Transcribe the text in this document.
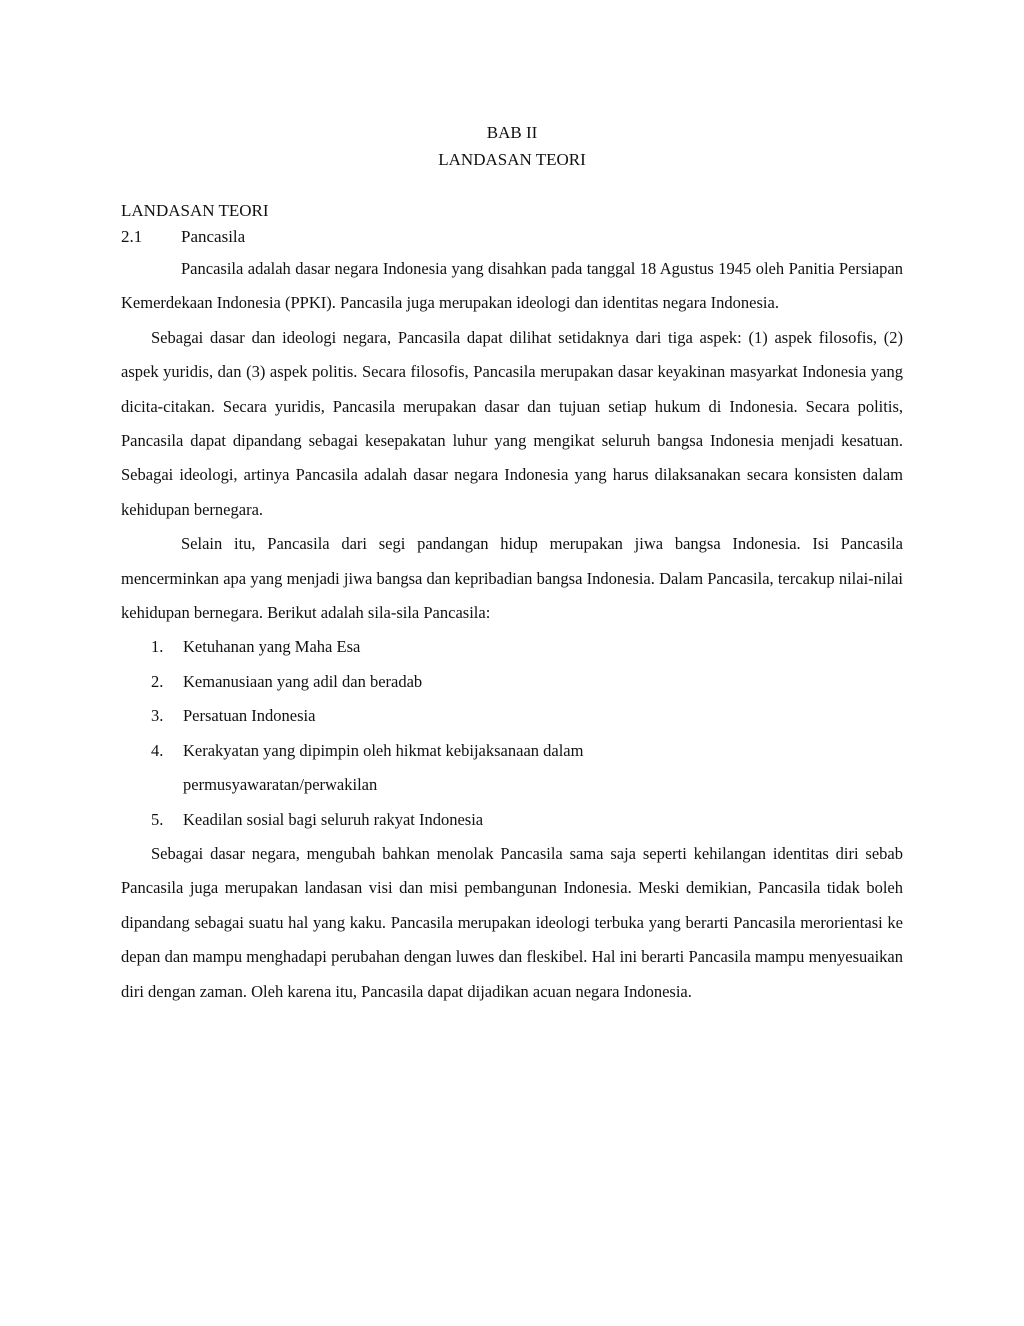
BAB II
LANDASAN TEORI
LANDASAN TEORI
2.1 Pancasila

Pancasila adalah dasar negara Indonesia yang disahkan pada tanggal 18 Agustus 1945 oleh Panitia Persiapan Kemerdekaan Indonesia (PPKI). Pancasila juga merupakan ideologi dan identitas negara Indonesia.

Sebagai dasar dan ideologi negara, Pancasila dapat dilihat setidaknya dari tiga aspek: (1) aspek filosofis, (2) aspek yuridis, dan (3) aspek politis. Secara filosofis, Pancasila merupakan dasar keyakinan masyarkat Indonesia yang dicita-citakan. Secara yuridis, Pancasila merupakan dasar dan tujuan setiap hukum di Indonesia. Secara politis, Pancasila dapat dipandang sebagai kesepakatan luhur yang mengikat seluruh bangsa Indonesia menjadi kesatuan. Sebagai ideologi, artinya Pancasila adalah dasar negara Indonesia yang harus dilaksanakan secara konsisten dalam kehidupan bernegara.

Selain itu, Pancasila dari segi pandangan hidup merupakan jiwa bangsa Indonesia. Isi Pancasila mencerminkan apa yang menjadi jiwa bangsa dan kepribadian bangsa Indonesia. Dalam Pancasila, tercakup nilai-nilai kehidupan bernegara. Berikut adalah sila-sila Pancasila:

1.	Ketuhanan yang Maha Esa
2.	Kemanusiaan yang adil dan beradab
3.	Persatuan Indonesia
4.	Kerakyatan yang dipimpin oleh hikmat kebijaksanaan dalam permusyawaratan/perwakilan
5.	Keadilan sosial bagi seluruh rakyat Indonesia

Sebagai dasar negara, mengubah bahkan menolak Pancasila sama saja seperti kehilangan identitas diri sebab Pancasila juga merupakan landasan visi dan misi pembangunan Indonesia. Meski demikian, Pancasila tidak boleh dipandang sebagai suatu hal yang kaku. Pancasila merupakan ideologi terbuka yang berarti Pancasila merorientasi ke depan dan mampu menghadapi perubahan dengan luwes dan fleskibel. Hal ini berarti Pancasila mampu menyesuaikan diri dengan zaman. Oleh karena itu, Pancasila dapat dijadikan acuan negara Indonesia.
